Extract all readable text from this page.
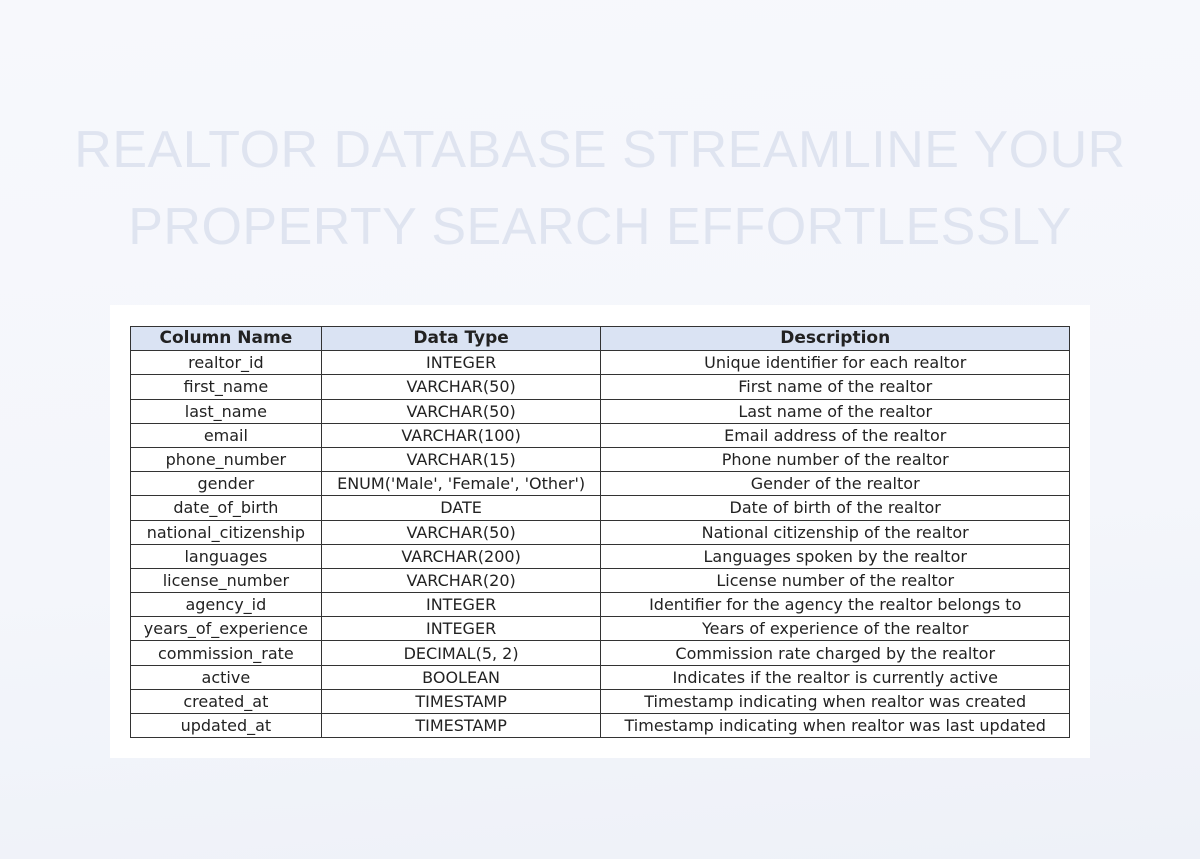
REALTOR DATABASE STREAMLINE YOUR
PROPERTY SEARCH EFFORTLESSLY
Column Name	Data Type	Description
realtor_id	INTEGER	Unique identifier for each realtor
first_name	VARCHAR(50)	First name of the realtor
last_name	VARCHAR(50)	Last name of the realtor
email	VARCHAR(100)	Email address of the realtor
phone_number	VARCHAR(15)	Phone number of the realtor
gender	ENUM('Male', 'Female', 'Other')	Gender of the realtor
date_of_birth	DATE	Date of birth of the realtor
national_citizenship	VARCHAR(50)	National citizenship of the realtor
languages	VARCHAR(200)	Languages spoken by the realtor
license_number	VARCHAR(20)	License number of the realtor
agency_id	INTEGER	Identifier for the agency the realtor belongs to
years_of_experience	INTEGER	Years of experience of the realtor
commission_rate	DECIMAL(5, 2)	Commission rate charged by the realtor
active	BOOLEAN	Indicates if the realtor is currently active
created_at	TIMESTAMP	Timestamp indicating when realtor was created
updated_at	TIMESTAMP	Timestamp indicating when realtor was last updated
